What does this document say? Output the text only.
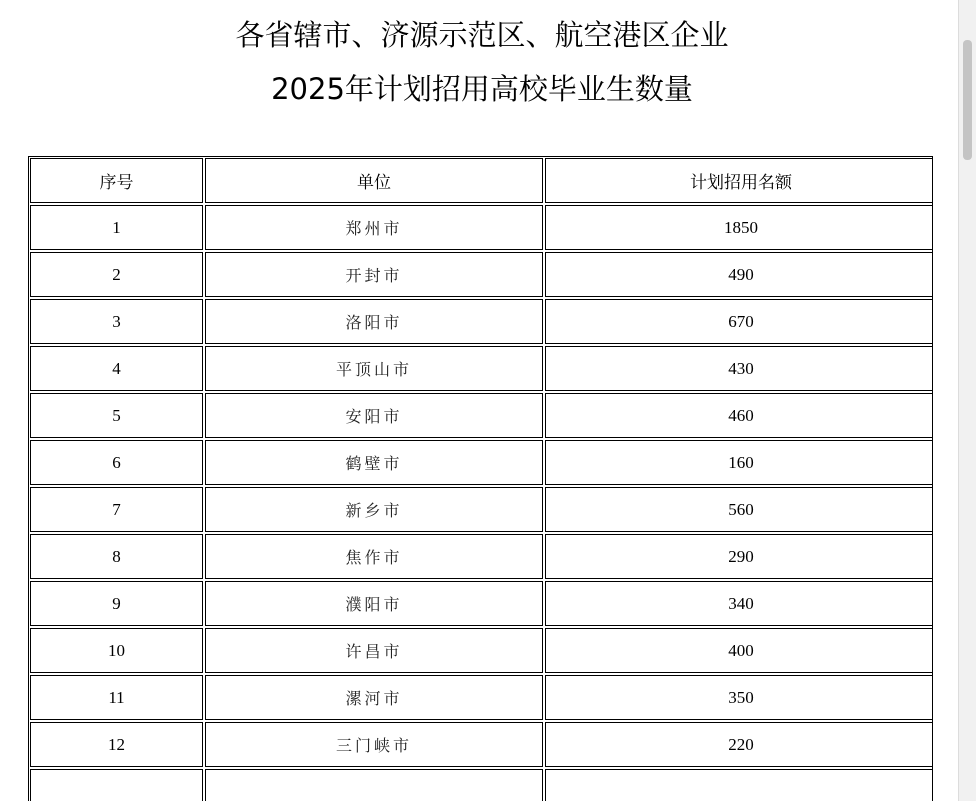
各省辖市、济源示范区、航空港区企业
2025年计划招用高校毕业生数量
序号	单位	计划招用名额
1	郑州市	1850
2	开封市	490
3	洛阳市	670
4	平顶山市	430
5	安阳市	460
6	鹤壁市	160
7	新乡市	560
8	焦作市	290
9	濮阳市	340
10	许昌市	400
11	漯河市	350
12	三门峡市	220
